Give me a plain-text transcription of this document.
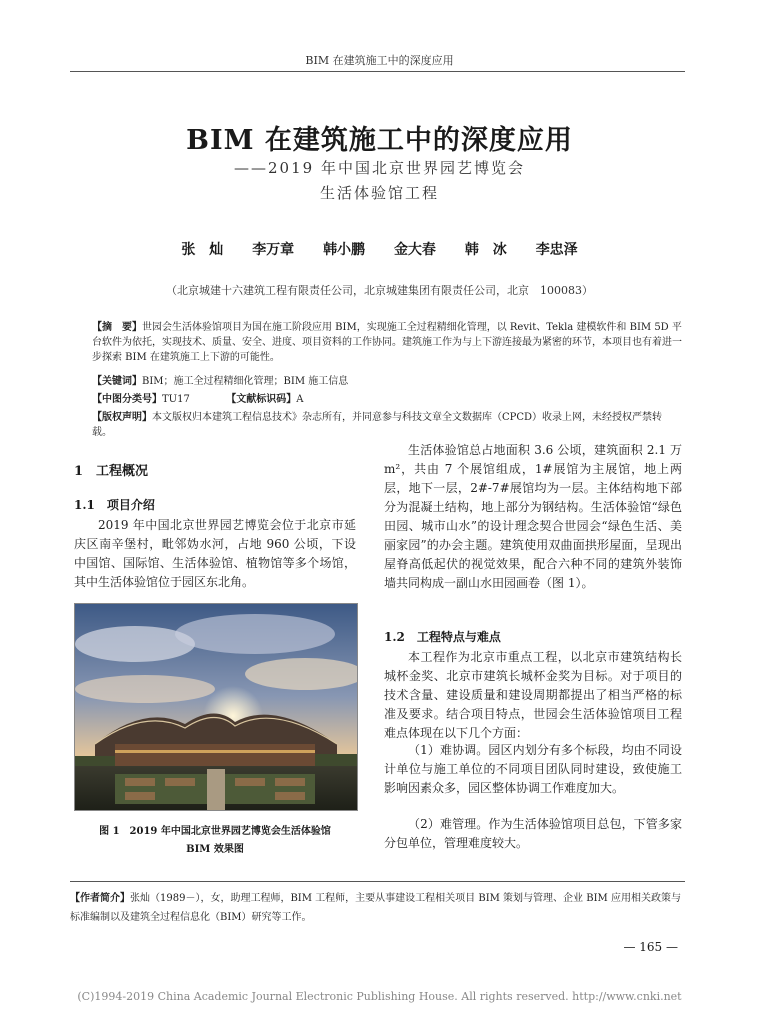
BIM 在建筑施工中的深度应用
BIM 在建筑施工中的深度应用
——2019 年中国北京世界园艺博览会
生活体验馆工程
张　灿 李万章 韩小鹏 金大春 韩　冰 李忠泽
（北京城建十六建筑工程有限责任公司，北京城建集团有限责任公司，北京　100083）
【摘　要】世园会生活体验馆项目为国在施工阶段应用 BIM，实现施工全过程精细化管理，以 Revit、Tekla 建模软件和 BIM 5D 平台软件为依托，实现技术、质量、安全、进度、项目资料的工作协同。建筑施工作为与上下游连接最为紧密的环节，本项目也有着进一步探索 BIM 在建筑施工上下游的可能性。
【关键词】BIM；施工全过程精细化管理；BIM 施工信息
【中图分类号】TU17	【文献标识码】A
【版权声明】本文版权归本建筑工程信息技术》杂志所有，并同意参与科技文章全文数据库（CPCD）收录上网，未经授权严禁转载。
1　工程概况
1.1　项目介绍
2019 年中国北京世界园艺博览会位于北京市延庆区南辛堡村，毗邻妫水河，占地 960 公顷，下设中国馆、国际馆、生活体验馆、植物馆等多个场馆，其中生活体验馆位于园区东北角。
图 1　2019 年中国北京世界园艺博览会生活体验馆
BIM 效果图
生活体验馆总占地面积 3.6 公顷，建筑面积 2.1 万 m²，共由 7 个展馆组成，1#展馆为主展馆，地上两层，地下一层，2#-7#展馆均为一层。主体结构地下部分为混凝土结构，地上部分为钢结构。生活体验馆“绿色田园、城市山水”的设计理念契合世园会“绿色生活、美丽家园”的办会主题。建筑使用双曲面拱形屋面，呈现出屋脊高低起伏的视觉效果，配合六种不同的建筑外装饰墙共同构成一副山水田园画卷（图 1）。
1.2　工程特点与难点
本工程作为北京市重点工程，以北京市建筑结构长城杯金奖、北京市建筑长城杯金奖为目标。对于项目的技术含量、建设质量和建设周期都提出了相当严格的标准及要求。结合项目特点，世园会生活体验馆项目工程难点体现在以下几个方面：
（1）难协调。园区内划分有多个标段，均由不同设计单位与施工单位的不同项目团队同时建设，致使施工影响因素众多，园区整体协调工作难度加大。
（2）难管理。作为生活体验馆项目总包，下管多家分包单位，管理难度较大。
【作者简介】张灿（1989－），女，助理工程师，BIM 工程师，主要从事建设工程相关项目 BIM 策划与管理、企业 BIM 应用相关政策与标准编制以及建筑全过程信息化（BIM）研究等工作。
— 165 —
(C)1994-2019 China Academic Journal Electronic Publishing House. All rights reserved. http://www.cnki.net
